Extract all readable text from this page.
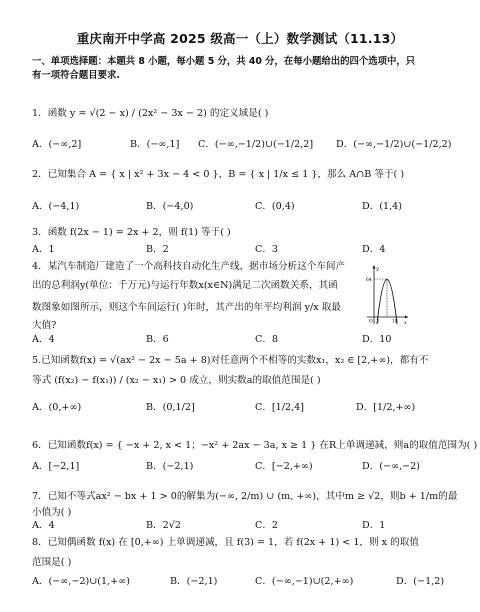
重庆南开中学高 2025 级高一（上）数学测试（11.13）
一、单项选择题：本题共 8 小题，每小题 5 分，共 40 分，在每小题给出的四个选项中，只
有一项符合题目要求.
1．函数 y = √(2 − x) / (2x² − 3x − 2) 的定义域是( )
A．(−∞,2]	B．(−∞,1] C．(−∞,−1/2)∪(−1/2,2] D．(−∞,−1/2)∪(−1/2,2)
2．已知集合 A = { x | x² + 3x − 4 < 0 }，B = { x | 1/x ≤ 1 }，那么 A∩B 等于( )
A．(−4,1)	B．(−4,0)	C．(0,4)	D．(1,4)
3．函数 f(2x − 1) = 2x + 2，则 f(1) 等于( )
A．1	B．2	C．3	D．4
4．某汽车制造厂建造了一个高科技自动化生产线，据市场分析这个车间产
出的总利润y(单位：千万元)与运行年数x(x∈N)满足二次函数关系，其函
数图象如图所示，则这个车间运行( )年时，其产出的年平均利润 y/x 取最
大值?
A．4	B．6	C．8	D．10
y
x
64
O 2	18
5.已知函数f(x) = √(ax² − 2x − 5a + 8)对任意两个不相等的实数x₁，x₂ ∈ [2,+∞)，都有不
等式 (f(x₂) − f(x₁)) / (x₂ − x₁) > 0 成立，则实数a的取值范围是( )
A．(0,+∞)	B．(0,1/2]	C．[1/2,4]	D．[1/2,+∞)
6．已知函数f(x) = { −x + 2, x < 1；−x² + 2ax − 3a, x ≥ 1 } 在R上单调递减，则a的取值范围为( )
A．[−2,1]	B．(−2,1)	C．[−2,+∞)	D．(−∞,−2)
7．已知不等式ax² − bx + 1 > 0的解集为(−∞, 2/m) ∪ (m, +∞)，其中m ≥ √2，则b + 1/m的最
小值为( )
A．4	B．2√2	C．2	D．1
8．已知偶函数 f(x) 在 [0,+∞) 上单调递减，且 f(3) = 1，若 f(2x + 1) < 1，则 x 的取值
范围是( )
A．(−∞,−2)∪(1,+∞)	B．(−2,1)	C．(−∞,−1)∪(2,+∞)	D．(−1,2)
